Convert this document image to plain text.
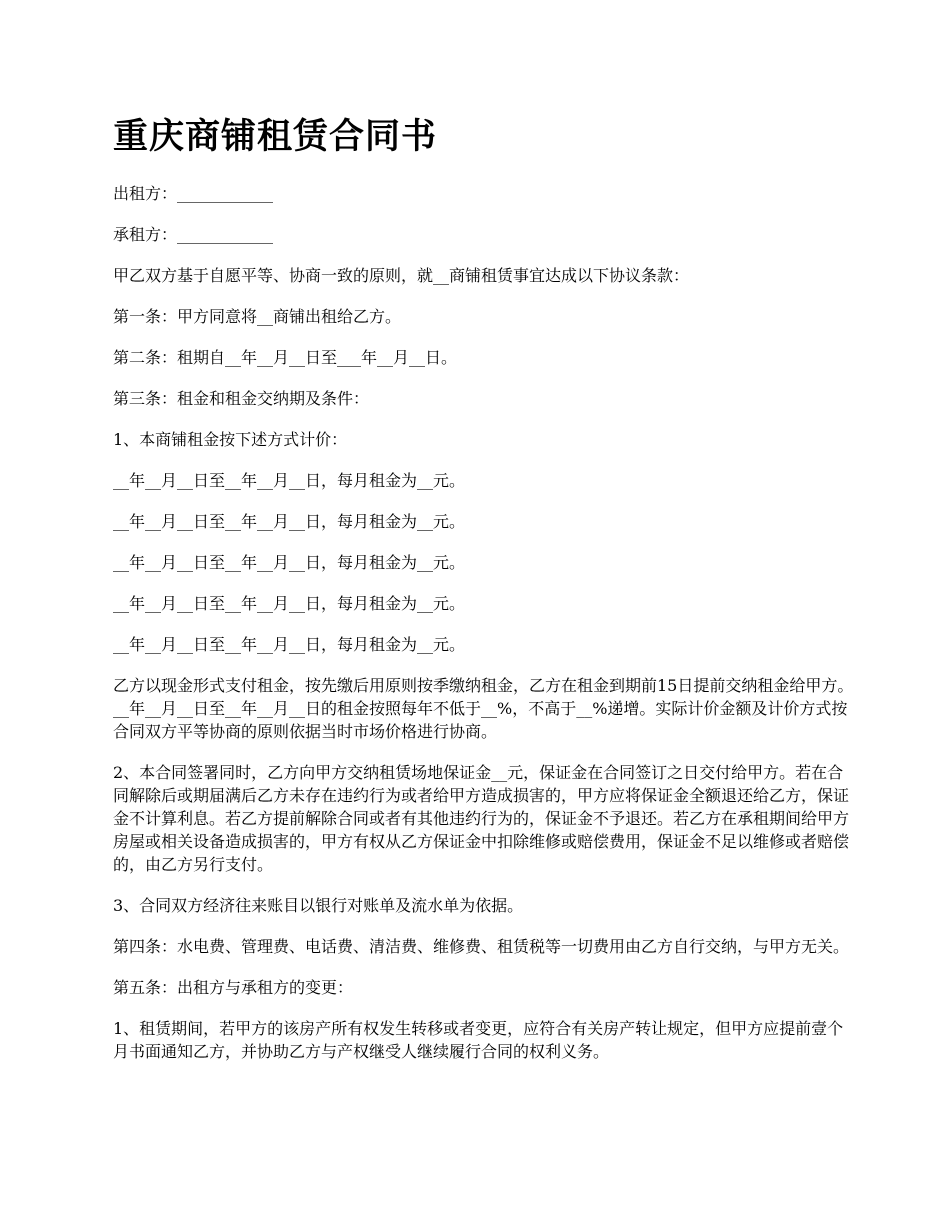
重庆商铺租赁合同书

出租方：____________

承租方：____________

甲乙双方基于自愿平等、协商一致的原则，就__商铺租赁事宜达成以下协议条款：

第一条：甲方同意将__商铺出租给乙方。

第二条：租期自__年__月__日至___年__月__日。

第三条：租金和租金交纳期及条件：

1、本商铺租金按下述方式计价：

__年__月__日至__年__月__日，每月租金为__元。

__年__月__日至__年__月__日，每月租金为__元。

__年__月__日至__年__月__日，每月租金为__元。

__年__月__日至__年__月__日，每月租金为__元。

__年__月__日至__年__月__日，每月租金为__元。

乙方以现金形式支付租金，按先缴后用原则按季缴纳租金，乙方在租金到期前15日提前交纳租金给甲方。__年__月__日至__年__月__日的租金按照每年不低于__%，不高于__%递增。实际计价金额及计价方式按合同双方平等协商的原则依据当时市场价格进行协商。

2、本合同签署同时，乙方向甲方交纳租赁场地保证金__元，保证金在合同签订之日交付给甲方。若在合同解除后或期届满后乙方未存在违约行为或者给甲方造成损害的，甲方应将保证金全额退还给乙方，保证金不计算利息。若乙方提前解除合同或者有其他违约行为的，保证金不予退还。若乙方在承租期间给甲方房屋或相关设备造成损害的，甲方有权从乙方保证金中扣除维修或赔偿费用，保证金不足以维修或者赔偿的，由乙方另行支付。

3、合同双方经济往来账目以银行对账单及流水单为依据。

第四条：水电费、管理费、电话费、清洁费、维修费、租赁税等一切费用由乙方自行交纳，与甲方无关。

第五条：出租方与承租方的变更：

1、租赁期间，若甲方的该房产所有权发生转移或者变更，应符合有关房产转让规定，但甲方应提前壹个月书面通知乙方，并协助乙方与产权继受人继续履行合同的权利义务。
